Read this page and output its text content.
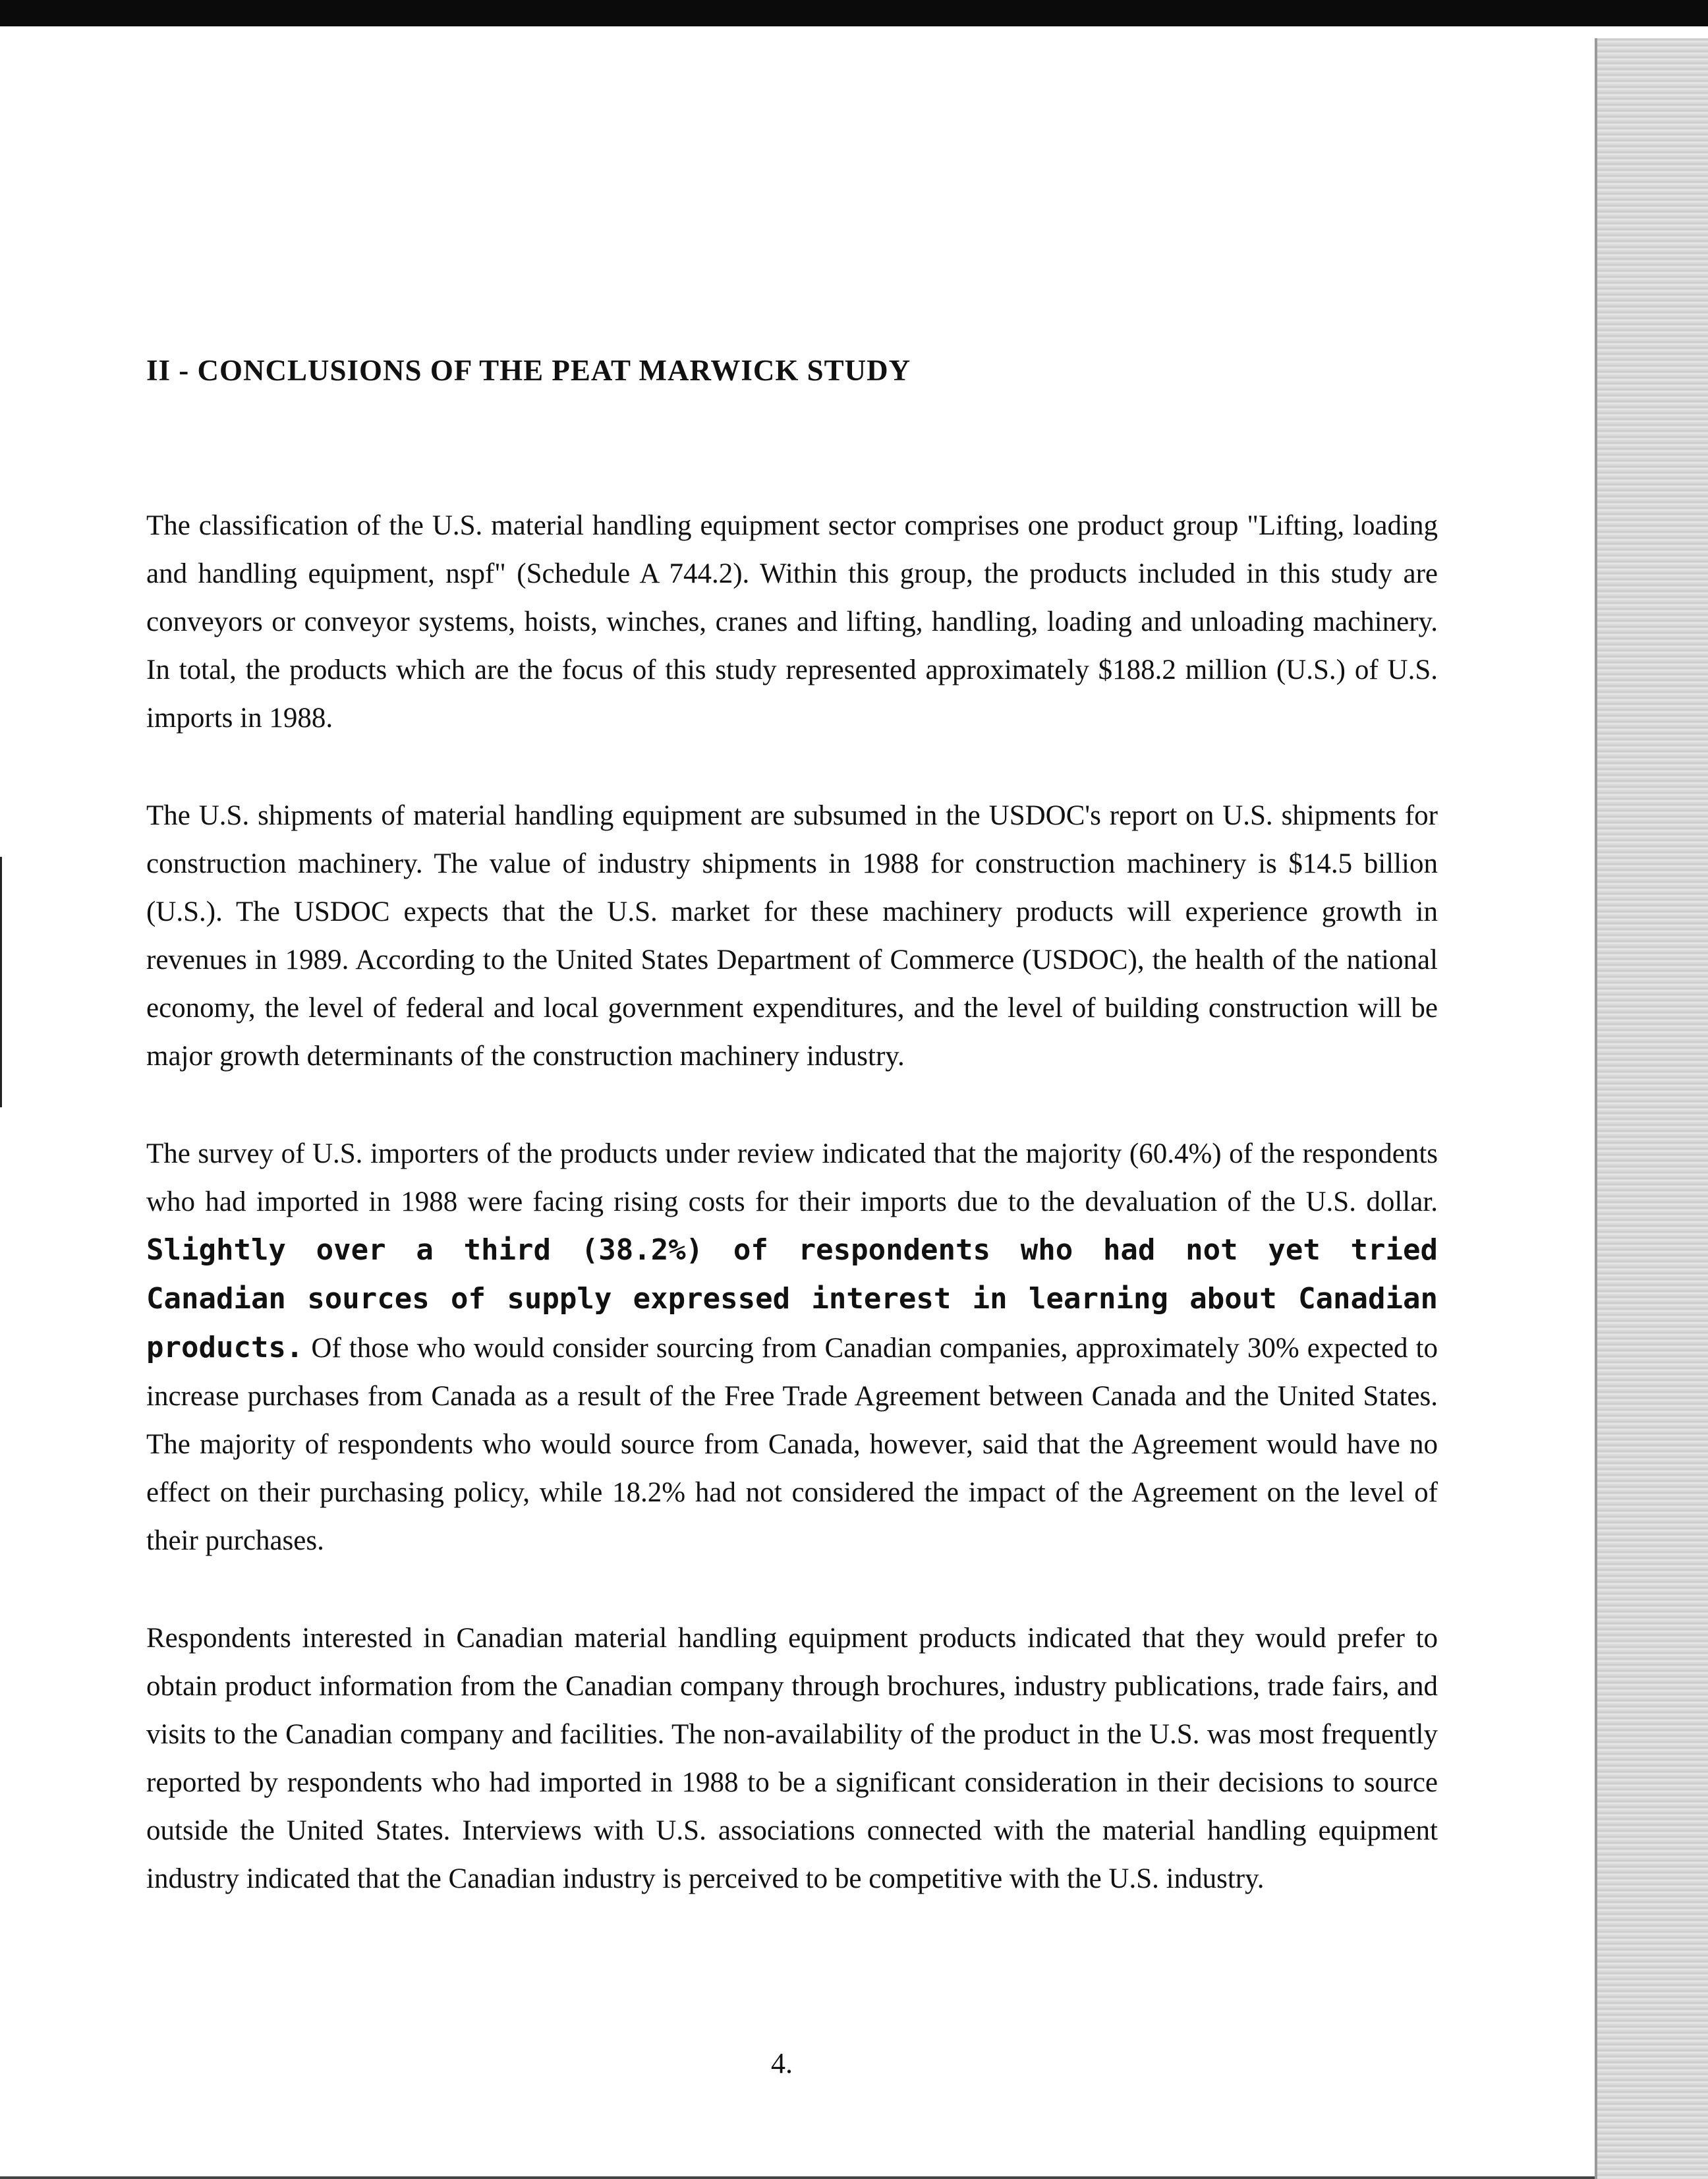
II - CONCLUSIONS OF THE PEAT MARWICK STUDY

The classification of the U.S. material handling equipment sector comprises one product group "Lifting, loading and handling equipment, nspf" (Schedule A 744.2). Within this group, the products included in this study are conveyors or conveyor systems, hoists, winches, cranes and lifting, handling, loading and unloading machinery. In total, the products which are the focus of this study represented approximately $188.2 million (U.S.) of U.S. imports in 1988.

The U.S. shipments of material handling equipment are subsumed in the USDOC's report on U.S. shipments for construction machinery. The value of industry shipments in 1988 for construction machinery is $14.5 billion (U.S.). The USDOC expects that the U.S. market for these machinery products will experience growth in revenues in 1989. According to the United States Department of Commerce (USDOC), the health of the national economy, the level of federal and local government expenditures, and the level of building construction will be major growth determinants of the construction machinery industry.

The survey of U.S. importers of the products under review indicated that the majority (60.4%) of the respondents who had imported in 1988 were facing rising costs for their imports due to the devaluation of the U.S. dollar. Slightly over a third (38.2%) of respondents who had not yet tried Canadian sources of supply expressed interest in learning about Canadian products. Of those who would consider sourcing from Canadian companies, approximately 30% expected to increase purchases from Canada as a result of the Free Trade Agreement between Canada and the United States. The majority of respondents who would source from Canada, however, said that the Agreement would have no effect on their purchasing policy, while 18.2% had not considered the impact of the Agreement on the level of their purchases.

Respondents interested in Canadian material handling equipment products indicated that they would prefer to obtain product information from the Canadian company through brochures, industry publications, trade fairs, and visits to the Canadian company and facilities. The non-availability of the product in the U.S. was most frequently reported by respondents who had imported in 1988 to be a significant consideration in their decisions to source outside the United States. Interviews with U.S. associations connected with the material handling equipment industry indicated that the Canadian industry is perceived to be competitive with the U.S. industry.

4.
